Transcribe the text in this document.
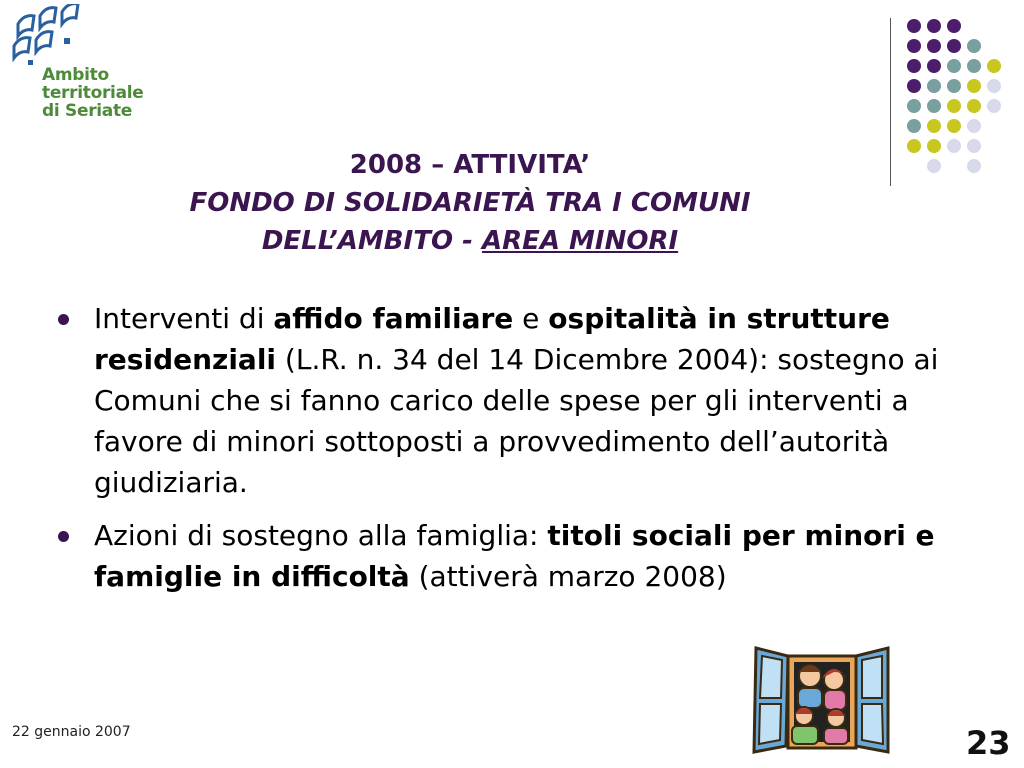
Ambito
territoriale
di Seriate
2008 – ATTIVITA’
FONDO DI SOLIDARIETÀ TRA I COMUNI
DELL’AMBITO - AREA MINORI
Interventi di affido familiare e ospitalità in strutture residenziali (L.R. n. 34 del 14 Dicembre 2004): sostegno ai Comuni che si fanno carico delle spese per gli interventi a favore di minori sottoposti a provvedimento dell’autorità giudiziaria.
Azioni di sostegno alla famiglia: titoli sociali per minori e famiglie in difficoltà (attiverà marzo 2008)
22 gennaio 2007	23
